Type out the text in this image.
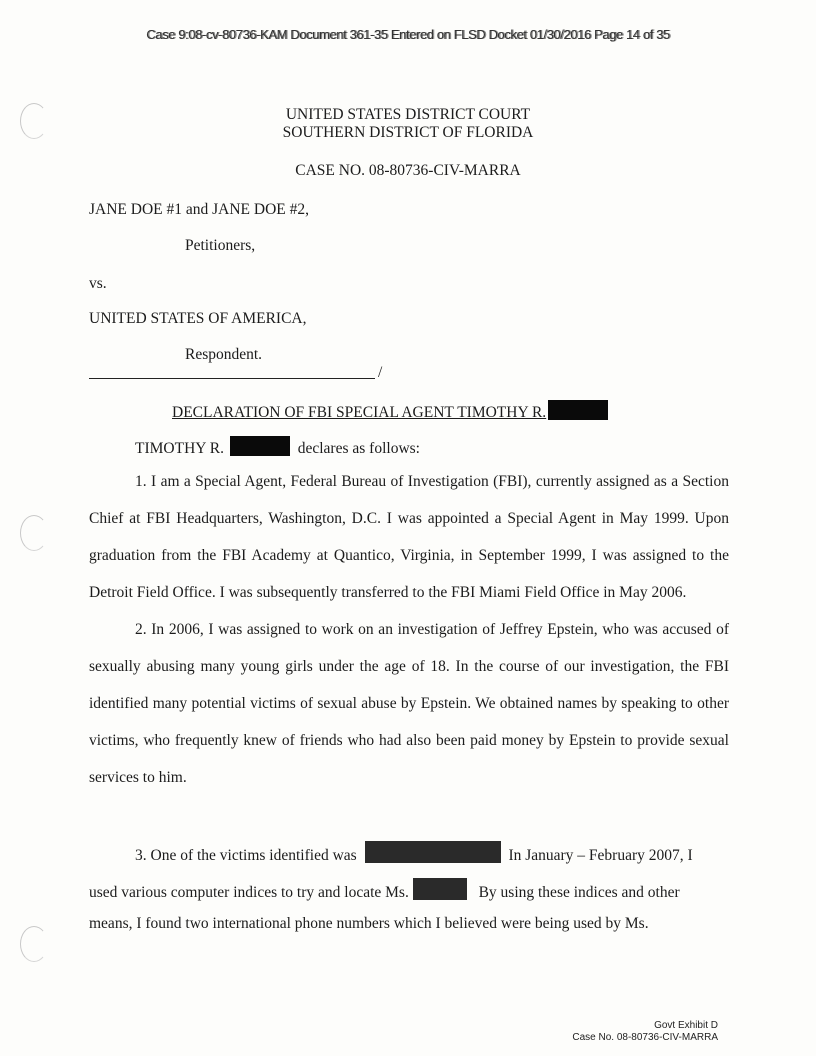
Case 9:08-cv-80736-KAM Document 361-35 Entered on FLSD Docket 01/30/2016 Page 14 of 35
UNITED STATES DISTRICT COURT
SOUTHERN DISTRICT OF FLORIDA
CASE NO. 08-80736-CIV-MARRA
JANE DOE #1 and JANE DOE #2,
Petitioners,
vs.
UNITED STATES OF AMERICA,
Respondent.
/
DECLARATION OF FBI SPECIAL AGENT TIMOTHY R.
TIMOTHY R.	declares as follows:

1. I am a Special Agent, Federal Bureau of Investigation (FBI), currently assigned as a Section Chief at FBI Headquarters, Washington, D.C. I was appointed a Special Agent in May 1999. Upon graduation from the FBI Academy at Quantico, Virginia, in September 1999, I was assigned to the Detroit Field Office. I was subsequently transferred to the FBI Miami Field Office in May 2006.

2. In 2006, I was assigned to work on an investigation of Jeffrey Epstein, who was accused of sexually abusing many young girls under the age of 18. In the course of our investigation, the FBI identified many potential victims of sexual abuse by Epstein. We obtained names by speaking to other victims, who frequently knew of friends who had also been paid money by Epstein to provide sexual services to him.

3. One of the victims identified was	In January – February 2007, I
used various computer indices to try and locate Ms.	By using these indices and other
means, I found two international phone numbers which I believed were being used by Ms.
Govt Exhibit D
Case No. 08-80736-CIV-MARRA
